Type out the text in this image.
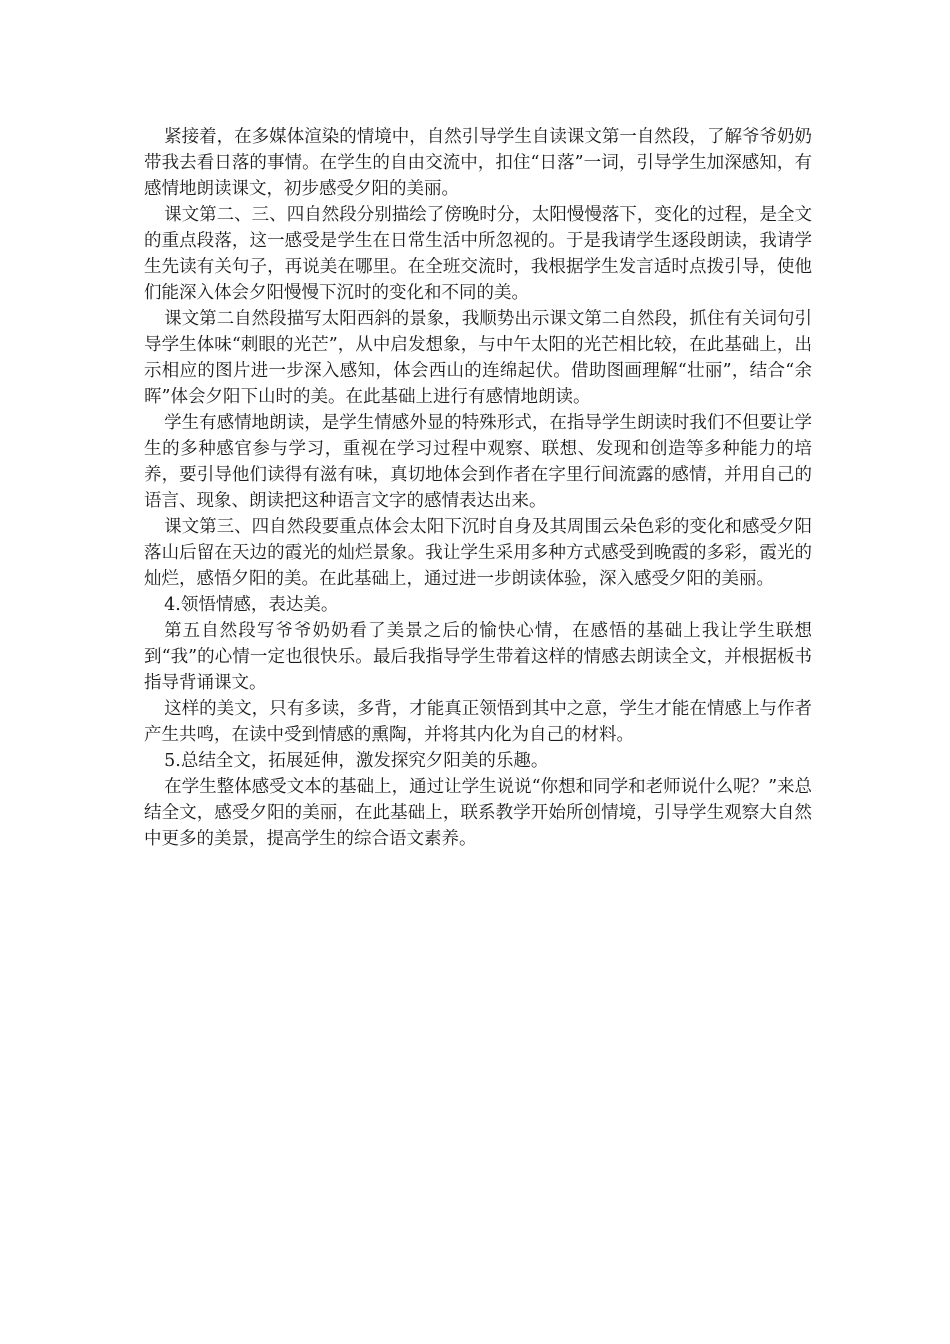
紧接着，在多媒体渲染的情境中，自然引导学生自读课文第一自然段，了解爷爷奶奶带我去看日落的事情。在学生的自由交流中，扣住“日落”一词，引导学生加深感知，有感情地朗读课文，初步感受夕阳的美丽。

课文第二、三、四自然段分别描绘了傍晚时分，太阳慢慢落下，变化的过程，是全文的重点段落，这一感受是学生在日常生活中所忽视的。于是我请学生逐段朗读，我请学生先读有关句子，再说美在哪里。在全班交流时，我根据学生发言适时点拨引导，使他们能深入体会夕阳慢慢下沉时的变化和不同的美。

课文第二自然段描写太阳西斜的景象，我顺势出示课文第二自然段，抓住有关词句引导学生体味“刺眼的光芒”，从中启发想象，与中午太阳的光芒相比较，在此基础上，出示相应的图片进一步深入感知，体会西山的连绵起伏。借助图画理解“壮丽”，结合“余晖”体会夕阳下山时的美。在此基础上进行有感情地朗读。

学生有感情地朗读，是学生情感外显的特殊形式，在指导学生朗读时我们不但要让学生的多种感官参与学习，重视在学习过程中观察、联想、发现和创造等多种能力的培养，要引导他们读得有滋有味，真切地体会到作者在字里行间流露的感情，并用自己的语言、现象、朗读把这种语言文字的感情表达出来。

课文第三、四自然段要重点体会太阳下沉时自身及其周围云朵色彩的变化和感受夕阳落山后留在天边的霞光的灿烂景象。我让学生采用多种方式感受到晚霞的多彩，霞光的灿烂，感悟夕阳的美。在此基础上，通过进一步朗读体验，深入感受夕阳的美丽。

4.领悟情感，表达美。

第五自然段写爷爷奶奶看了美景之后的愉快心情，在感悟的基础上我让学生联想到“我”的心情一定也很快乐。最后我指导学生带着这样的情感去朗读全文，并根据板书指导背诵课文。

这样的美文，只有多读，多背，才能真正领悟到其中之意，学生才能在情感上与作者产生共鸣，在读中受到情感的熏陶，并将其内化为自己的材料。

5.总结全文，拓展延伸，激发探究夕阳美的乐趣。

在学生整体感受文本的基础上，通过让学生说说“你想和同学和老师说什么呢？”来总结全文，感受夕阳的美丽，在此基础上，联系教学开始所创情境，引导学生观察大自然中更多的美景，提高学生的综合语文素养。
